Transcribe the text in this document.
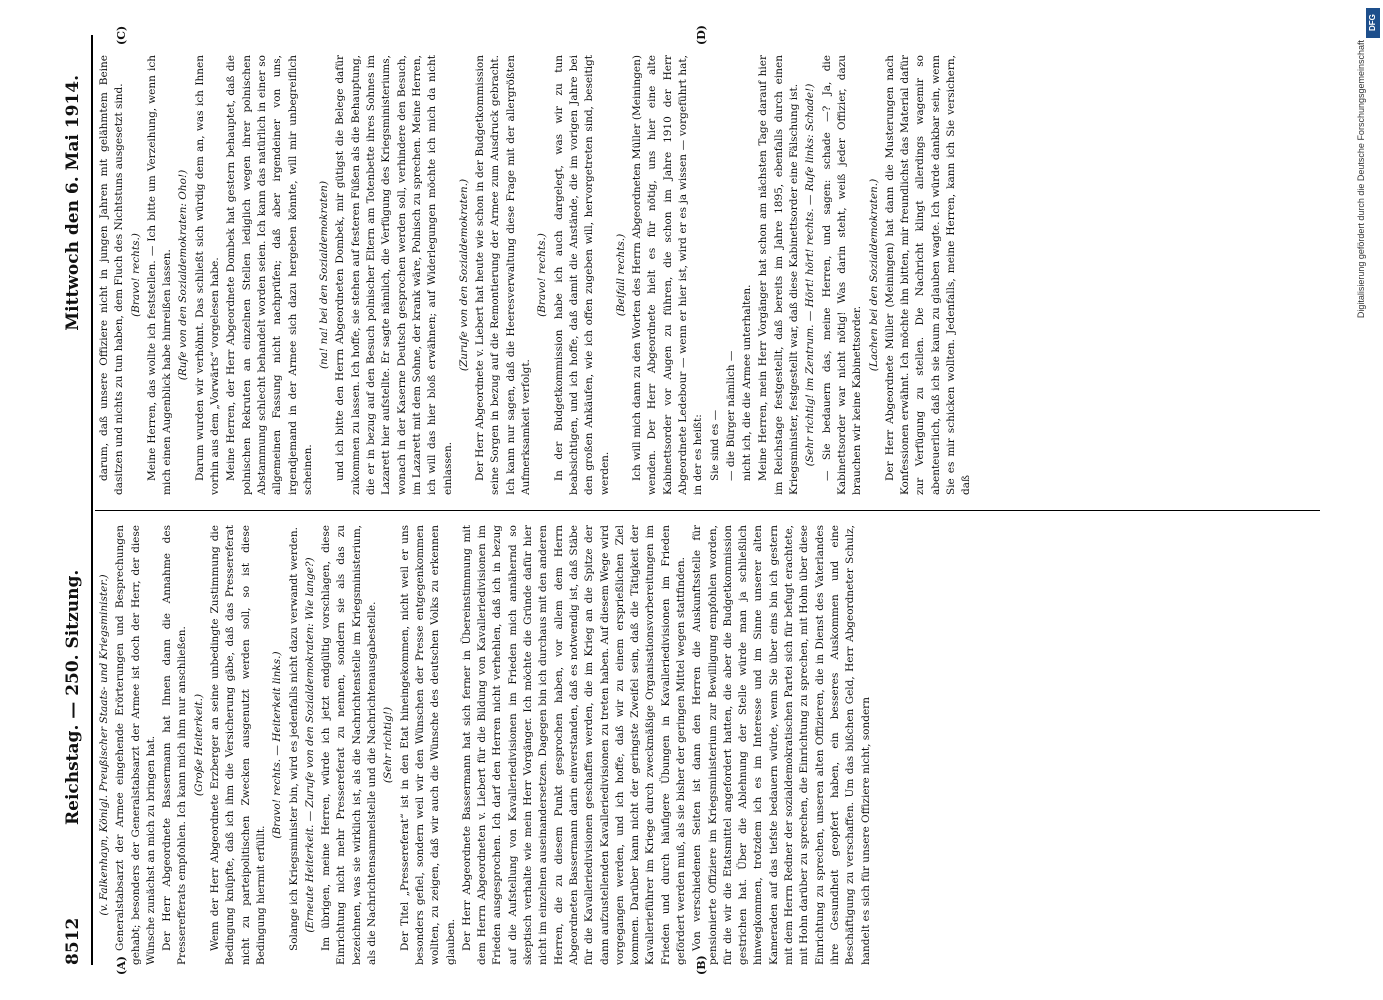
8512
Reichstag. — 250. Sitzung.
Mittwoch den 6. Mai 1914.
(A)	(B)
(C)	(D)

(v. Falkenhayn, Königl. Preußischer Staats- und Kriegsminister.) Generalstabsarzt der Armee eingehende Erörterungen und Besprechungen gehabt; besonders der Generalstabsarzt der Armee ist doch der Herr, der diese Wünsche zunächst an mich zu bringen hat. Der Herr Abgeordnete Bassermann hat Ihnen dann die Annahme des Presserefferats empfohlen. Ich kann mich ihm nur anschließen. (Große Heiterkeit.) Wenn der Herr Abgeordnete Erzberger an seine unbedingte Zustimmung die Bedingung knüpfte, daß ich ihm die Versicherung gäbe, daß das Pressereferat nicht zu parteipolitischen Zwecken ausgenutzt werden soll, so ist diese Bedingung hiermit erfüllt.

(Bravo! rechts. — Heiterkeit links.) Solange ich Kriegsminister bin, wird es jedenfalls nicht dazu verwandt werden. (Erneute Heiterkeit. — Zurufe von den Sozialdemokraten: Wie lange?) Im übrigen, meine Herren, würde ich jetzt endgültig vorschlagen, diese Einrichtung nicht mehr Pressereferat zu nennen, sondern sie als das zu bezeichnen, was sie wirklich ist, als die Nachrichtenstelle im Kriegsministerium, als die Nachrichtensammelstelle und die Nachrichtenausgabestelle. (Sehr richtig!) Der Titel „Pressereferat“ ist in den Etat hineingekommen, nicht weil er uns besonders gefiel, sondern weil wir den Wünschen der Presse entgegenkommen wollten, zu zeigen, daß wir auch die Wünsche des deutschen Volks zu erkennen glauben. Der Herr Abgeordnete Bassermann hat sich ferner in Übereinstimmung mit dem Herrn Abgeordneten v. Liebert für die Bildung von Kavalleriedivisionen im Frieden ausgesprochen. Ich darf den Herren nicht verhehlen, daß ich in bezug auf die Aufstellung von Kavalleriedivisionen im Frieden mich annähernd so skeptisch verhalte wie mein Herr Vorgänger. Ich möchte die Gründe dafür hier nicht im einzelnen auseinandersetzen. Dagegen bin ich durchaus mit den anderen Herren, die zu diesem Punkt gesprochen haben, vor allem dem Herrn Abgeordneten Bassermann darin einverstanden, daß es notwendig ist, daß Stäbe für die Kavalleriedivisionen geschaffen werden, die im Krieg an die Spitze der dann aufzustellenden Kavalleriedivisionen zu treten haben. Auf diesem Wege wird vorgegangen werden, und ich hoffe, daß wir zu einem ersprießlichen Ziel kommen. Darüber kann nicht der geringste Zweifel sein, daß die Tätigkeit der Kavallerieführer im Kriege durch zweckmäßige Organisationsvorbereitungen im Frieden und durch häufigere Übungen in Kavalleriedivisionen im Frieden gefördert werden muß, als sie bisher der geringen Mittel wegen stattfinden. Von verschiedenen Seiten ist dann den Herren die Auskunftsstelle für pensionierte Offiziere im Kriegsministerium zur Bewilligung empfohlen worden, für die wir die Etatsmittel angefordert hatten, die aber die Budgetkommission gestrichen hat. Über die Ablehnung der Stelle würde man ja schließlich hinwegkommen, trotzdem ich es im Interesse und im Sinne unserer alten Kameraden auf das tiefste bedauern würde, wenn Sie über eins bin ich gestern mit dem Herrn Redner der sozialdemokratischen Partei sich für befugt erachtete, mit Hohn darüber zu sprechen, die Einrichtung zu sprechen, mit Hohn über diese Einrichtung zu sprechen, unseren alten Offizieren, die in Dienst des Vaterlandes ihre Gesundheit geopfert haben, ein besseres Auskommen und eine Beschäftigung zu verschaffen. Um das bißchen Geld, Herr Abgeordneter Schulz, handelt es sich für unsere Offiziere nicht, sondern

darum, daß unsere Offiziere nicht in jungen Jahren mit gelähmtem Beine dasitzen und nichts zu tun haben, dem Fluch des Nichtstuns ausgesetzt sind. (Bravo! rechts.) Meine Herren, das wollte ich feststellen. — Ich bitte um Verzeihung, wenn ich mich einen Augenblick habe hinreißen lassen. (Rufe von den Sozialdemokraten: Oho!) Darum wurden wir verhöhnt. Das schließt sich würdig dem an, was ich Ihnen vorhin aus dem „Vorwärts“ vorgelesen habe. Meine Herren, der Herr Abgeordnete Dombek hat gestern behauptet, daß die polnischen Rekruten an einzelnen Stellen lediglich wegen ihrer polnischen Abstammung schlecht behandelt worden seien. Ich kann das natürlich in einer so allgemeinen Fassung nicht nachprüfen; daß aber irgendeiner von uns, irgendjemand in der Armee sich dazu hergeben könnte, will mir unbegreiflich scheinen.

(na! na! bei den Sozialdemokraten) und ich bitte den Herrn Abgeordneten Dombek, mir gütigst die Belege dafür zukommen zu lassen. Ich hoffe, sie stehen auf festeren Füßen als die Behauptung, die er in bezug auf den Besuch polnischer Eltern am Totenbette ihres Sohnes im Lazarett hier aufstellte. Er sagte nämlich, die Verfügung des Kriegsministeriums, wonach in der Kaserne Deutsch gesprochen werden soll, verhindere den Besuch, im Lazarett mit dem Sohne, der krank wäre, Polnisch zu sprechen. Meine Herren, ich will das hier bloß erwähnen; auf Widerlegungen möchte ich mich da nicht einlassen.

(Zurufe von den Sozialdemokraten.) Der Herr Abgeordnete v. Liebert hat heute wie schon in der Budgetkommission seine Sorgen in bezug auf die Remontierung der Armee zum Ausdruck gebracht. Ich kann nur sagen, daß die Heeresverwaltung diese Frage mit der allergrößten Aufmerksamkeit verfolgt.

(Bravo! rechts.) In der Budgetkommission habe ich auch dargelegt, was wir zu tun beabsichtigen, und ich hoffe, daß damit die Anstände, die im vorigen Jahre bei den großen Ankäufen, wie ich offen zugeben will, hervorgetreten sind, beseitigt werden.

(Beifall rechts.) Ich will mich dann zu den Worten des Herrn Abgeordneten Müller (Meiningen) wenden. Der Herr Abgeordnete hielt es für nötig, uns hier eine alte Kabinettsorder vor Augen zu führen, die schon im Jahre 1910 der Herr Abgeordnete Ledebour — wenn er hier ist, wird er es ja wissen — vorgeführt hat, in der es heißt: Sie sind es — — die Bürger nämlich — nicht ich, die die Armee unterhalten. Meine Herren, mein Herr Vorgänger hat schon am nächsten Tage darauf hier im Reichstage festgestellt, daß bereits im Jahre 1895, ebenfalls durch einen Kriegsminister, festgestellt war, daß diese Kabinettsorder eine Fälschung ist. (Sehr richtig! im Zentrum. — Hört! hört! rechts. — Rufe links: Schade!) — Sie bedauern das, meine Herren, und sagen: schade —? Ja, die Kabinettsorder war nicht nötig! Was darin steht, weiß jeder Offizier, dazu brauchen wir keine Kabinettsorder.

(Lachen bei den Sozialdemokraten.) Der Herr Abgeordnete Müller (Meiningen) hat dann die Musterungen nach Konfessionen erwähnt. Ich möchte ihn bitten, mir freundlichst das Material dafür zur Verfügung zu stellen. Die Nachricht klingt allerdings wagemir so abenteuerlich, daß ich sie kaum zu glauben wagte. Ich würde dankbar sein, wenn Sie es mir schicken wollten. Jedenfalls, meine Herren, kann ich Sie versichern, daß

DFG
Digitalisierung gefördert durch die Deutsche Forschungsgemeinschaft
